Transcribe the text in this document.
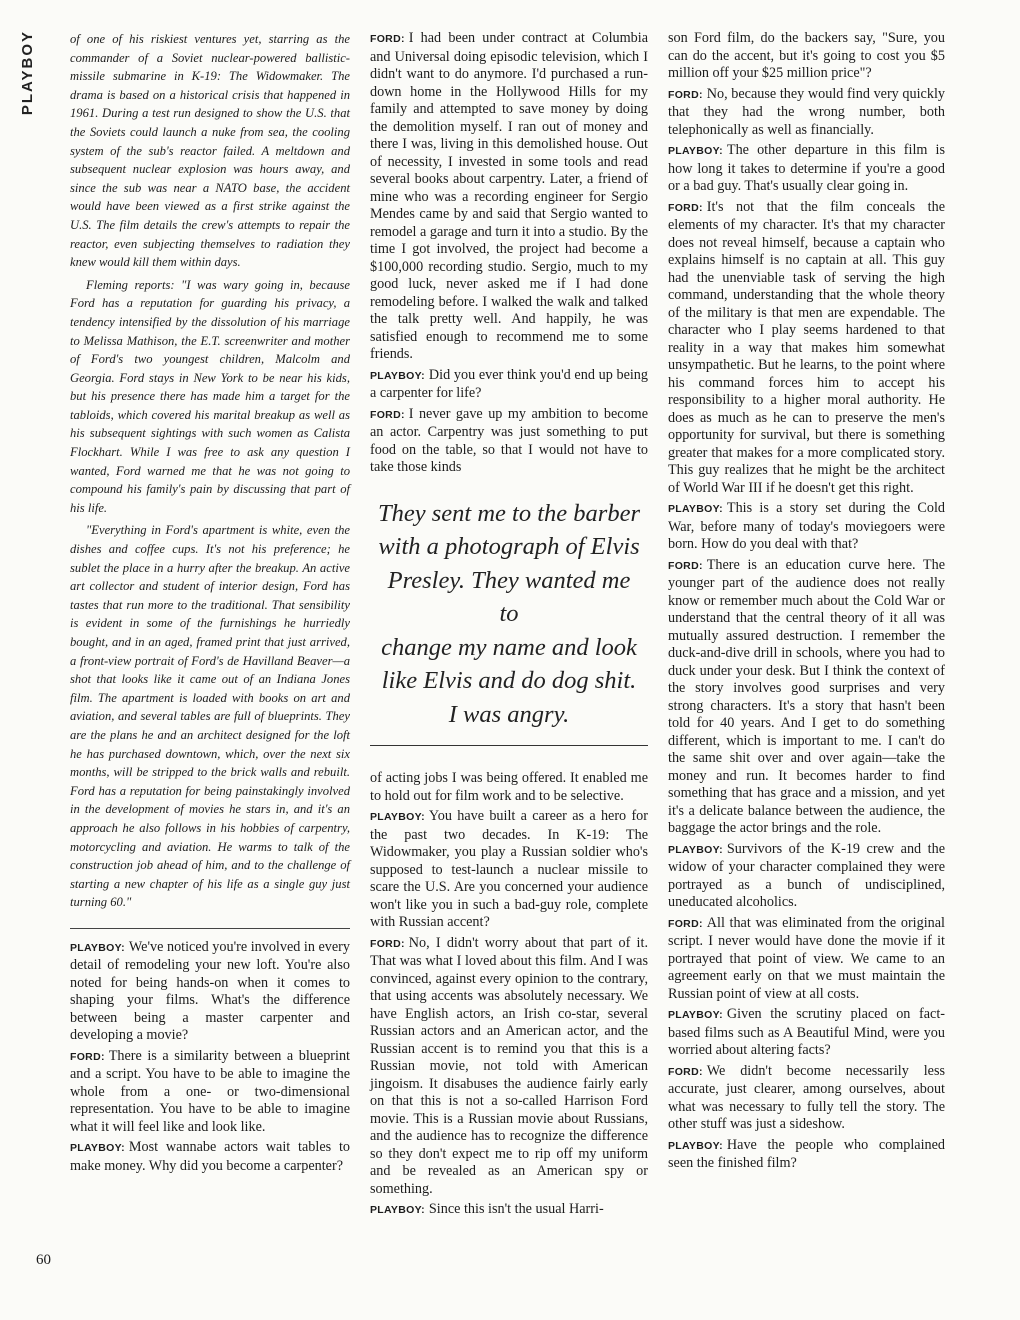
PLAYBOY
60

of one of his riskiest ventures yet, starring as the commander of a Soviet nuclear-powered ballistic-missile submarine in K-19: The Widowmaker. The drama is based on a historical crisis that happened in 1961. During a test run designed to show the U.S. that the Soviets could launch a nuke from sea, the cooling system of the sub's reactor failed. A meltdown and subsequent nuclear explosion was hours away, and since the sub was near a NATO base, the accident would have been viewed as a first strike against the U.S. The film details the crew's attempts to repair the reactor, even subjecting themselves to radiation they knew would kill them within days.

Fleming reports: "I was wary going in, because Ford has a reputation for guarding his privacy, a tendency intensified by the dissolution of his marriage to Melissa Mathison, the E.T. screenwriter and mother of Ford's two youngest children, Malcolm and Georgia. Ford stays in New York to be near his kids, but his presence there has made him a target for the tabloids, which covered his marital breakup as well as his subsequent sightings with such women as Calista Flockhart. While I was free to ask any question I wanted, Ford warned me that he was not going to compound his family's pain by discussing that part of his life.

"Everything in Ford's apartment is white, even the dishes and coffee cups. It's not his preference; he sublet the place in a hurry after the breakup. An active art collector and student of interior design, Ford has tastes that run more to the traditional. That sensibility is evident in some of the furnishings he hurriedly bought, and in an aged, framed print that just arrived, a front-view portrait of Ford's de Havilland Beaver—a shot that looks like it came out of an Indiana Jones film. The apartment is loaded with books on art and aviation, and several tables are full of blueprints. They are the plans he and an architect designed for the loft he has purchased downtown, which, over the next six months, will be stripped to the brick walls and rebuilt. Ford has a reputation for being painstakingly involved in the development of movies he stars in, and it's an approach he also follows in his hobbies of carpentry, motorcycling and aviation. He warms to talk of the construction job ahead of him, and to the challenge of starting a new chapter of his life as a single guy just turning 60."

PLAYBOY: We've noticed you're involved in every detail of remodeling your new loft. You're also noted for being hands-on when it comes to shaping your films. What's the difference between being a master carpenter and developing a movie?

FORD: There is a similarity between a blueprint and a script. You have to be able to imagine the whole from a one- or two-dimensional representation. You have to be able to imagine what it will feel like and look like.

PLAYBOY: Most wannabe actors wait tables to make money. Why did you become a carpenter?

FORD: I had been under contract at Columbia and Universal doing episodic television, which I didn't want to do anymore. I'd purchased a run-down home in the Hollywood Hills for my family and attempted to save money by doing the demolition myself. I ran out of money and there I was, living in this demolished house. Out of necessity, I invested in some tools and read several books about carpentry. Later, a friend of mine who was a recording engineer for Sergio Mendes came by and said that Sergio wanted to remodel a garage and turn it into a studio. By the time I got involved, the project had become a $100,000 recording studio. Sergio, much to my good luck, never asked me if I had done remodeling before. I walked the walk and talked the talk pretty well. And happily, he was satisfied enough to recommend me to some friends.

PLAYBOY: Did you ever think you'd end up being a carpenter for life?

FORD: I never gave up my ambition to become an actor. Carpentry was just something to put food on the table, so that I would not have to take those kinds

They sent me to the barber
with a photograph of Elvis
Presley. They wanted me to
change my name and look
like Elvis and do dog shit.
I was angry.

of acting jobs I was being offered. It enabled me to hold out for film work and to be selective.

PLAYBOY: You have built a career as a hero for the past two decades. In K-19: The Widowmaker, you play a Russian soldier who's supposed to test-launch a nuclear missile to scare the U.S. Are you concerned your audience won't like you in such a bad-guy role, complete with Russian accent?

FORD: No, I didn't worry about that part of it. That was what I loved about this film. And I was convinced, against every opinion to the contrary, that using accents was absolutely necessary. We have English actors, an Irish co-star, several Russian actors and an American actor, and the Russian accent is to remind you that this is a Russian movie, not told with American jingoism. It disabuses the audience fairly early on that this is not a so-called Harrison Ford movie. This is a Russian movie about Russians, and the audience has to recognize the difference so they don't expect me to rip off my uniform and be revealed as an American spy or something.

PLAYBOY: Since this isn't the usual Harri-

son Ford film, do the backers say, "Sure, you can do the accent, but it's going to cost you $5 million off your $25 million price"?

FORD: No, because they would find very quickly that they had the wrong number, both telephonically as well as financially.

PLAYBOY: The other departure in this film is how long it takes to determine if you're a good or a bad guy. That's usually clear going in.

FORD: It's not that the film conceals the elements of my character. It's that my character does not reveal himself, because a captain who explains himself is no captain at all. This guy had the unenviable task of serving the high command, understanding that the whole theory of the military is that men are expendable. The character who I play seems hardened to that reality in a way that makes him somewhat unsympathetic. But he learns, to the point where his command forces him to accept his responsibility to a higher moral authority. He does as much as he can to preserve the men's opportunity for survival, but there is something greater that makes for a more complicated story. This guy realizes that he might be the architect of World War III if he doesn't get this right.

PLAYBOY: This is a story set during the Cold War, before many of today's moviegoers were born. How do you deal with that?

FORD: There is an education curve here. The younger part of the audience does not really know or remember much about the Cold War or understand that the central theory of it all was mutually assured destruction. I remember the duck-and-dive drill in schools, where you had to duck under your desk. But I think the context of the story involves good surprises and very strong characters. It's a story that hasn't been told for 40 years. And I get to do something different, which is important to me. I can't do the same shit over and over again—take the money and run. It becomes harder to find something that has grace and a mission, and yet it's a delicate balance between the audience, the baggage the actor brings and the role.

PLAYBOY: Survivors of the K-19 crew and the widow of your character complained they were portrayed as a bunch of undisciplined, uneducated alcoholics.

FORD: All that was eliminated from the original script. I never would have done the movie if it portrayed that point of view. We came to an agreement early on that we must maintain the Russian point of view at all costs.

PLAYBOY: Given the scrutiny placed on fact-based films such as A Beautiful Mind, were you worried about altering facts?

FORD: We didn't become necessarily less accurate, just clearer, among ourselves, about what was necessary to fully tell the story. The other stuff was just a sideshow.

PLAYBOY: Have the people who complained seen the finished film?
